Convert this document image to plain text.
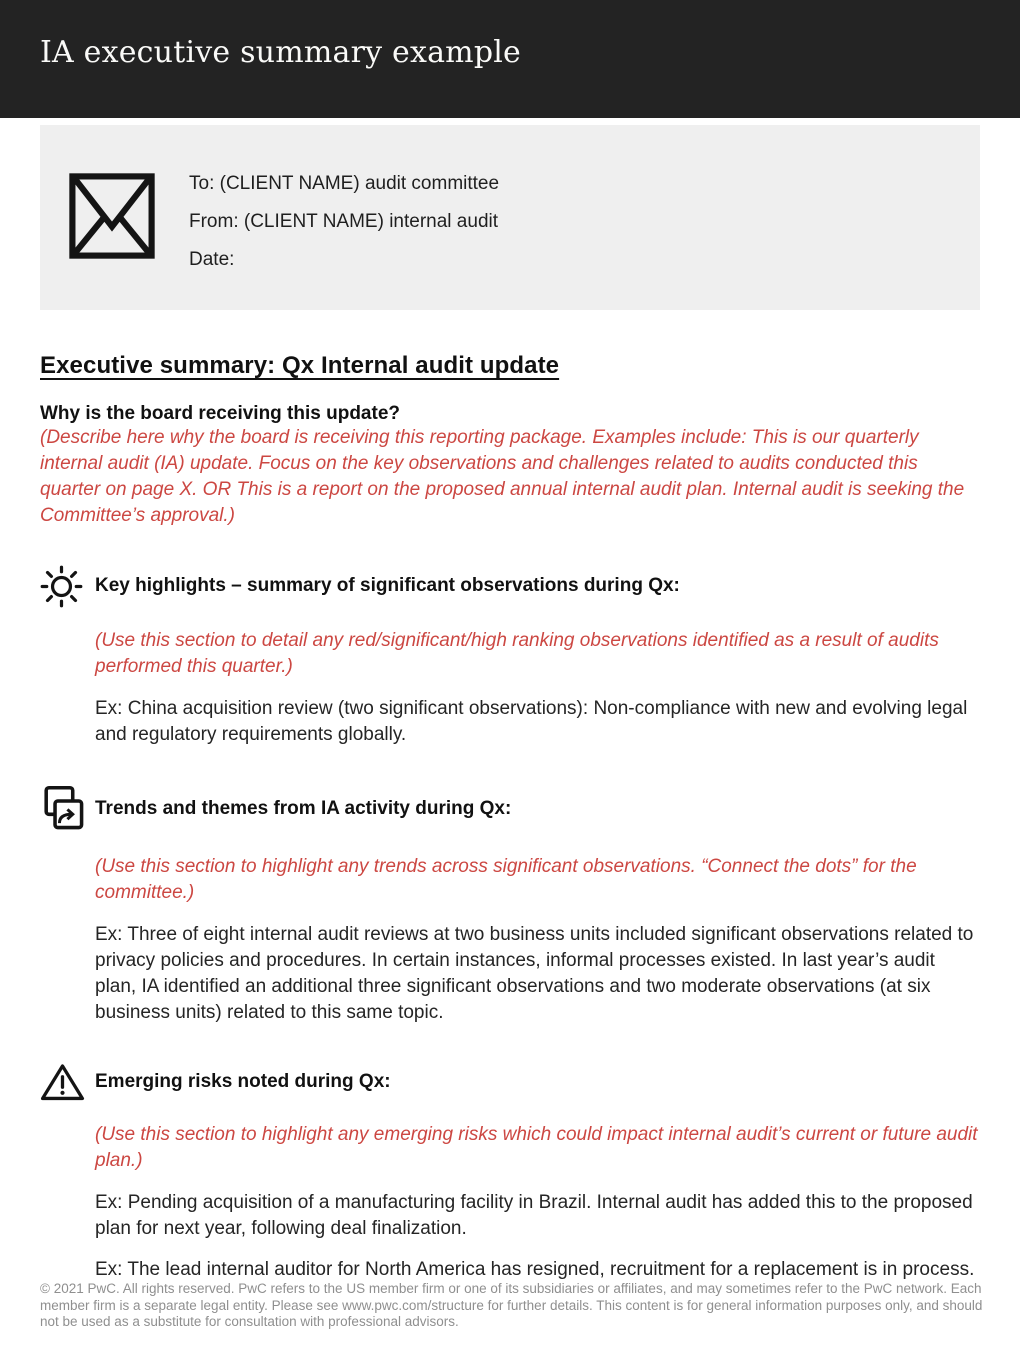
IA executive summary example
To: (CLIENT NAME) audit committee
From: (CLIENT NAME) internal audit
Date:
Executive summary: Qx Internal audit update
Why is the board receiving this update?

(Describe here why the board is receiving this reporting package. Examples include: This is our quarterly internal audit (IA) update. Focus on the key observations and challenges related to audits conducted this quarter on page X. OR This is a report on the proposed annual internal audit plan. Internal audit is seeking the Committee’s approval.)

Key highlights – summary of significant observations during Qx:

(Use this section to detail any red/significant/high ranking observations identified as a result of audits performed this quarter.)

Ex: China acquisition review (two significant observations): Non-compliance with new and evolving legal and regulatory requirements globally.

Trends and themes from IA activity during Qx:

(Use this section to highlight any trends across significant observations. “Connect the dots” for the committee.)

Ex: Three of eight internal audit reviews at two business units included significant observations related to privacy policies and procedures. In certain instances, informal processes existed. In last year’s audit plan, IA identified an additional three significant observations and two moderate observations (at six business units) related to this same topic.

Emerging risks noted during Qx:

(Use this section to highlight any emerging risks which could impact internal audit’s current or future audit plan.)

Ex: Pending acquisition of a manufacturing facility in Brazil. Internal audit has added this to the proposed plan for next year, following deal finalization.

Ex: The lead internal auditor for North America has resigned, recruitment for a replacement is in process.

© 2021 PwC. All rights reserved. PwC refers to the US member firm or one of its subsidiaries or affiliates, and may sometimes refer to the PwC network. Each member firm is a separate legal entity. Please see www.pwc.com/structure for further details. This content is for general information purposes only, and should not be used as a substitute for consultation with professional advisors.
